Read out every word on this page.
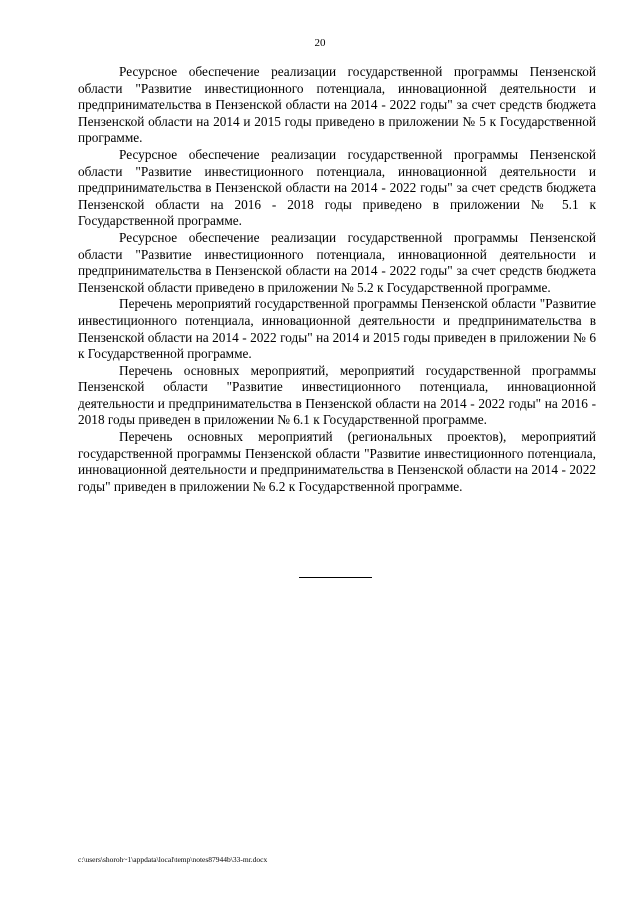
20

Ресурсное обеспечение реализации государственной программы Пензенской области "Развитие инвестиционного потенциала, инновационной деятельности и предпринимательства в Пензенской области на 2014 - 2022 годы" за счет средств бюджета Пензенской области на 2014 и 2015 годы приведено в приложении № 5 к Государственной программе.

Ресурсное обеспечение реализации государственной программы Пензенской области "Развитие инвестиционного потенциала, инновационной деятельности и предпринимательства в Пензенской области на 2014 - 2022 годы" за счет средств бюджета Пензенской области на 2016 - 2018 годы приведено в приложении № 5.1 к Государственной программе.

Ресурсное обеспечение реализации государственной программы Пензенской области "Развитие инвестиционного потенциала, инновационной деятельности и предпринимательства в Пензенской области на 2014 - 2022 годы" за счет средств бюджета Пензенской области приведено в приложении № 5.2 к Государственной программе.

Перечень мероприятий государственной программы Пензенской области "Развитие инвестиционного потенциала, инновационной деятельности и предпринимательства в Пензенской области на 2014 - 2022 годы" на 2014 и 2015 годы приведен в приложении № 6 к Государственной программе.

Перечень основных мероприятий, мероприятий государственной программы Пензенской области "Развитие инвестиционного потенциала, инновационной деятельности и предпринимательства в Пензенской области на 2014 - 2022 годы" на 2016 - 2018 годы приведен в приложении № 6.1 к Государственной программе.

Перечень основных мероприятий (региональных проектов), мероприятий государственной программы Пензенской области "Развитие инвестиционного потенциала, инновационной деятельности и предпринимательства в Пензенской области на 2014 - 2022 годы" приведен в приложении № 6.2 к Государственной программе.

c:\users\shoroh~1\appdata\local\temp\notes87944b\33-mr.docx
